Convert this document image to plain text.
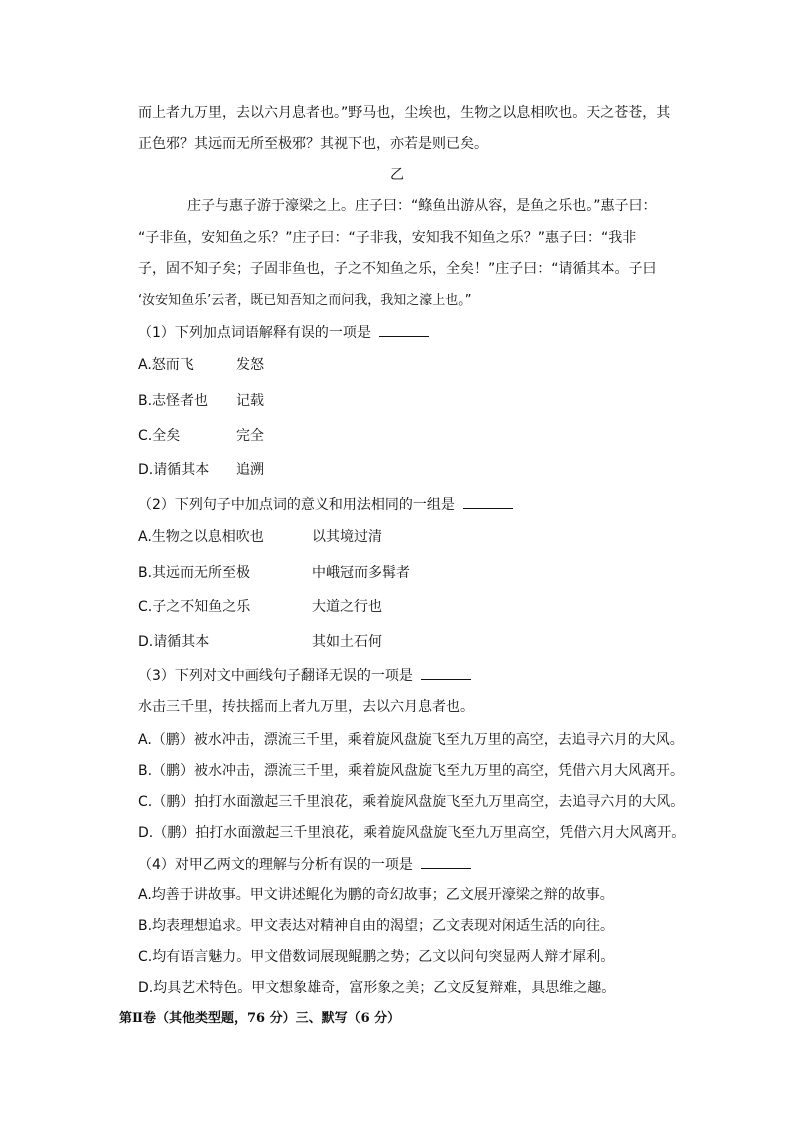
而上者九万里，去以六月息者也。”野马也，尘埃也，生物之以息相吹也。天之苍苍，其

正色邪？其远而无所至极邪？其视下也，亦若是则已矣。

乙

庄子与惠子游于濠梁之上。庄子曰：“鲦鱼出游从容，是鱼之乐也。”惠子曰：

“子非鱼，安知鱼之乐？”庄子曰：“子非我，安知我不知鱼之乐？”惠子曰：“我非

子，固不知子矣；子固非鱼也，子之不知鱼之乐，全矣！”庄子曰：“请循其本。子曰

‘汝安知鱼乐’云者，既已知吾知之而问我，我知之濠上也。”

（1）下列加点词语解释有误的一项是
A.怒而飞	发怒
B.志怪者也 记载
C.全矣	完全
D.请循其本 追溯
（2）下列句子中加点词的意义和用法相同的一组是
A.生物之以息相吹也	以其境过清
B.其远而无所至极	中峨冠而多髯者
C.子之不知鱼之乐	大道之行也
D.请循其本	其如土石何
（3）下列对文中画线句子翻译无误的一项是
水击三千里，抟扶摇而上者九万里，去以六月息者也。
A.（鹏）被水冲击，漂流三千里，乘着旋风盘旋飞至九万里的高空，去追寻六月的大风。
B.（鹏）被水冲击，漂流三千里，乘着旋风盘旋飞至九万里的高空，凭借六月大风离开。
C.（鹏）拍打水面激起三千里浪花，乘着旋风盘旋飞至九万里高空，去追寻六月的大风。
D.（鹏）拍打水面激起三千里浪花，乘着旋风盘旋飞至九万里高空，凭借六月大风离开。
（4）对甲乙两文的理解与分析有误的一项是
A.均善于讲故事。甲文讲述鲲化为鹏的奇幻故事；乙文展开濠梁之辩的故事。
B.均表理想追求。甲文表达对精神自由的渴望；乙文表现对闲适生活的向往。
C.均有语言魅力。甲文借数词展现鲲鹏之势；乙文以问句突显两人辩才犀利。
D.均具艺术特色。甲文想象雄奇，富形象之美；乙文反复辩难，具思维之趣。
第Ⅱ卷（其他类型题，76 分）三、默写（6 分）
